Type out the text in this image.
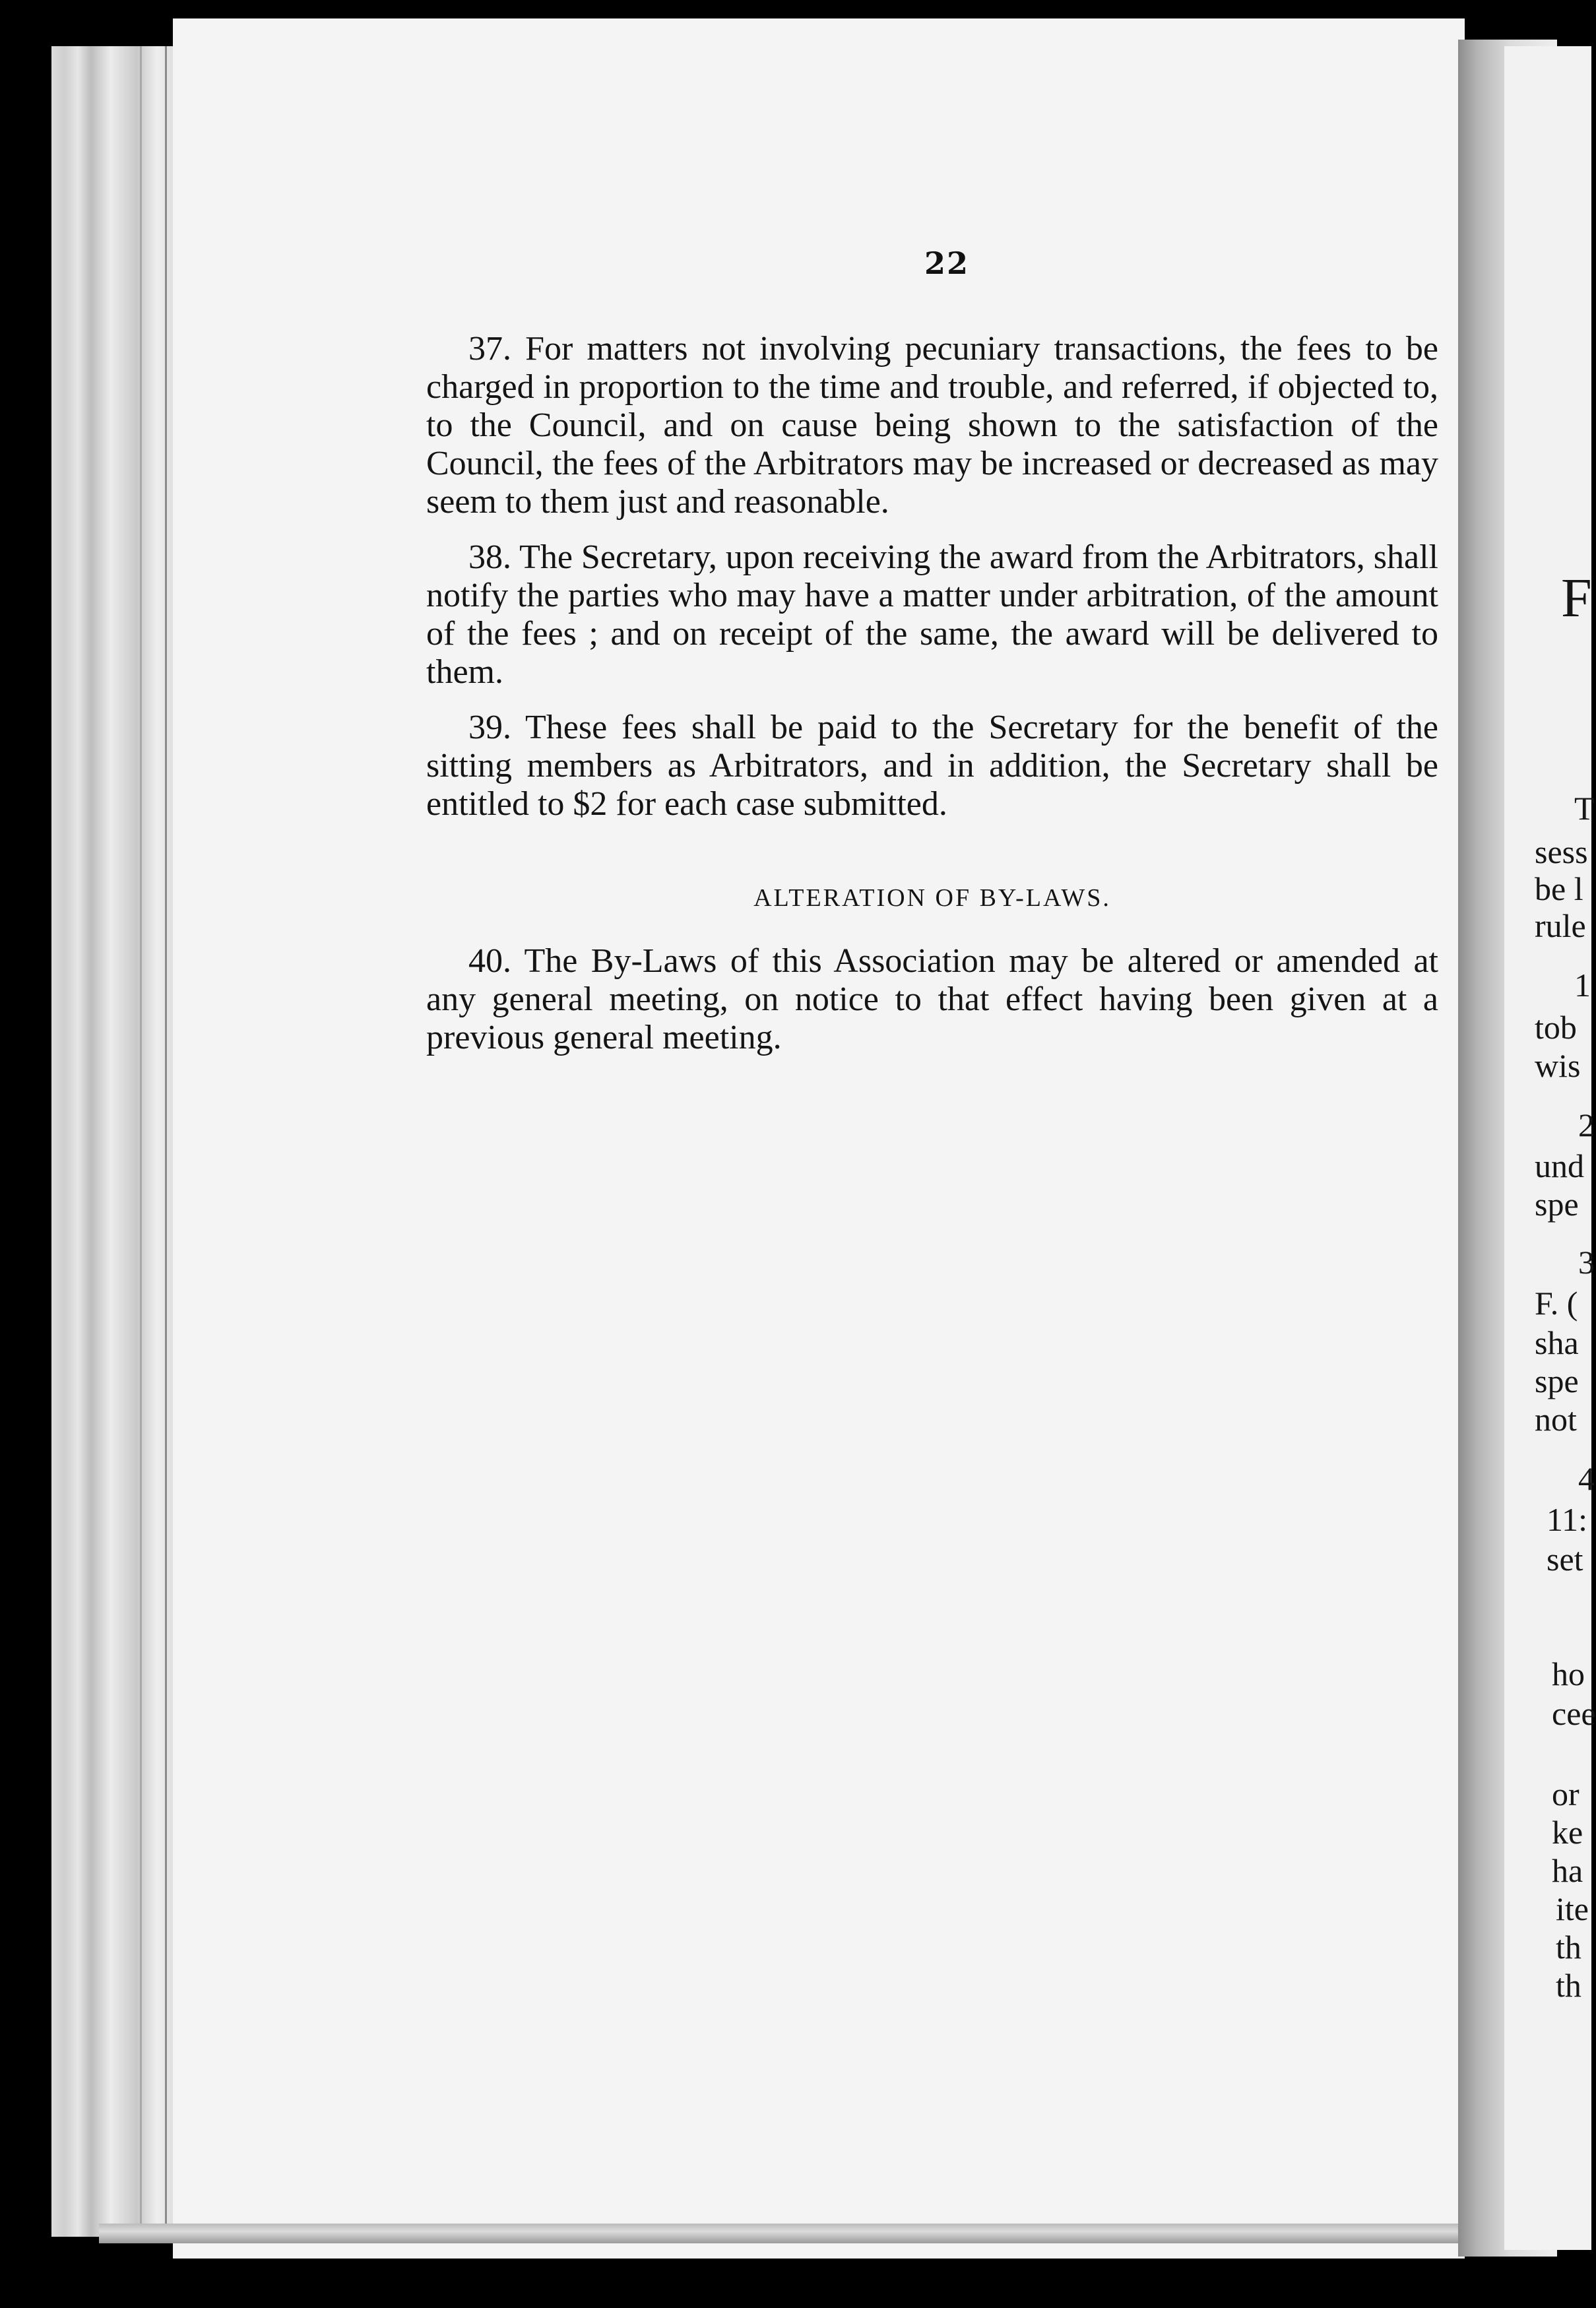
22

37. For matters not involving pecuniary transactions, the fees to be charged in proportion to the time and trouble, and referred, if objected to, to the Council, and on cause being shown to the satisfaction of the Council, the fees of the Arbitrators may be increased or decreased as may seem to them just and reasonable.

38. The Secretary, upon receiving the award from the Arbitrators, shall notify the parties who may have a matter under arbitration, of the amount of the fees ; and on receipt of the same, the award will be delivered to them.

39. These fees shall be paid to the Secretary for the benefit of the sitting members as Arbitrators, and in addition, the Secretary shall be entitled to $2 for each case submitted.

ALTERATION OF BY-LAWS.

40. The By-Laws of this Association may be altered or amended at any general meeting, on notice to that effect having been given at a previous general meeting.

F
T
sess
be l
rule
1
tob
wis
2
und
spe
3
F. (
sha
spe
not
4
11:
set
ho
cee
or
ke
ha
ite
th
th
